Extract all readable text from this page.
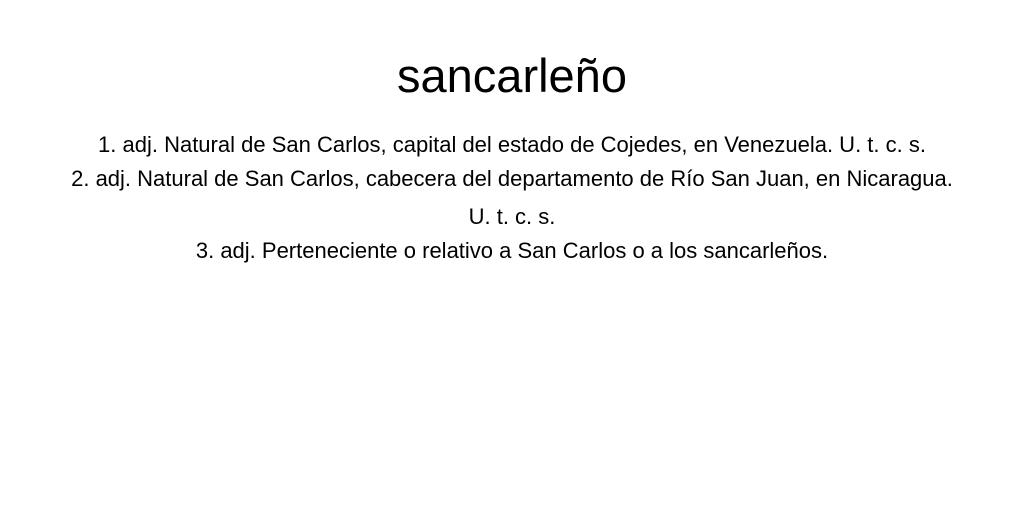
sancarleño
1. adj. Natural de San Carlos, capital del estado de Cojedes, en Venezuela. U. t. c. s.
2. adj. Natural de San Carlos, cabecera del departamento de Río San Juan, en Nicaragua. U. t. c. s.
3. adj. Perteneciente o relativo a San Carlos o a los sancarleños.
